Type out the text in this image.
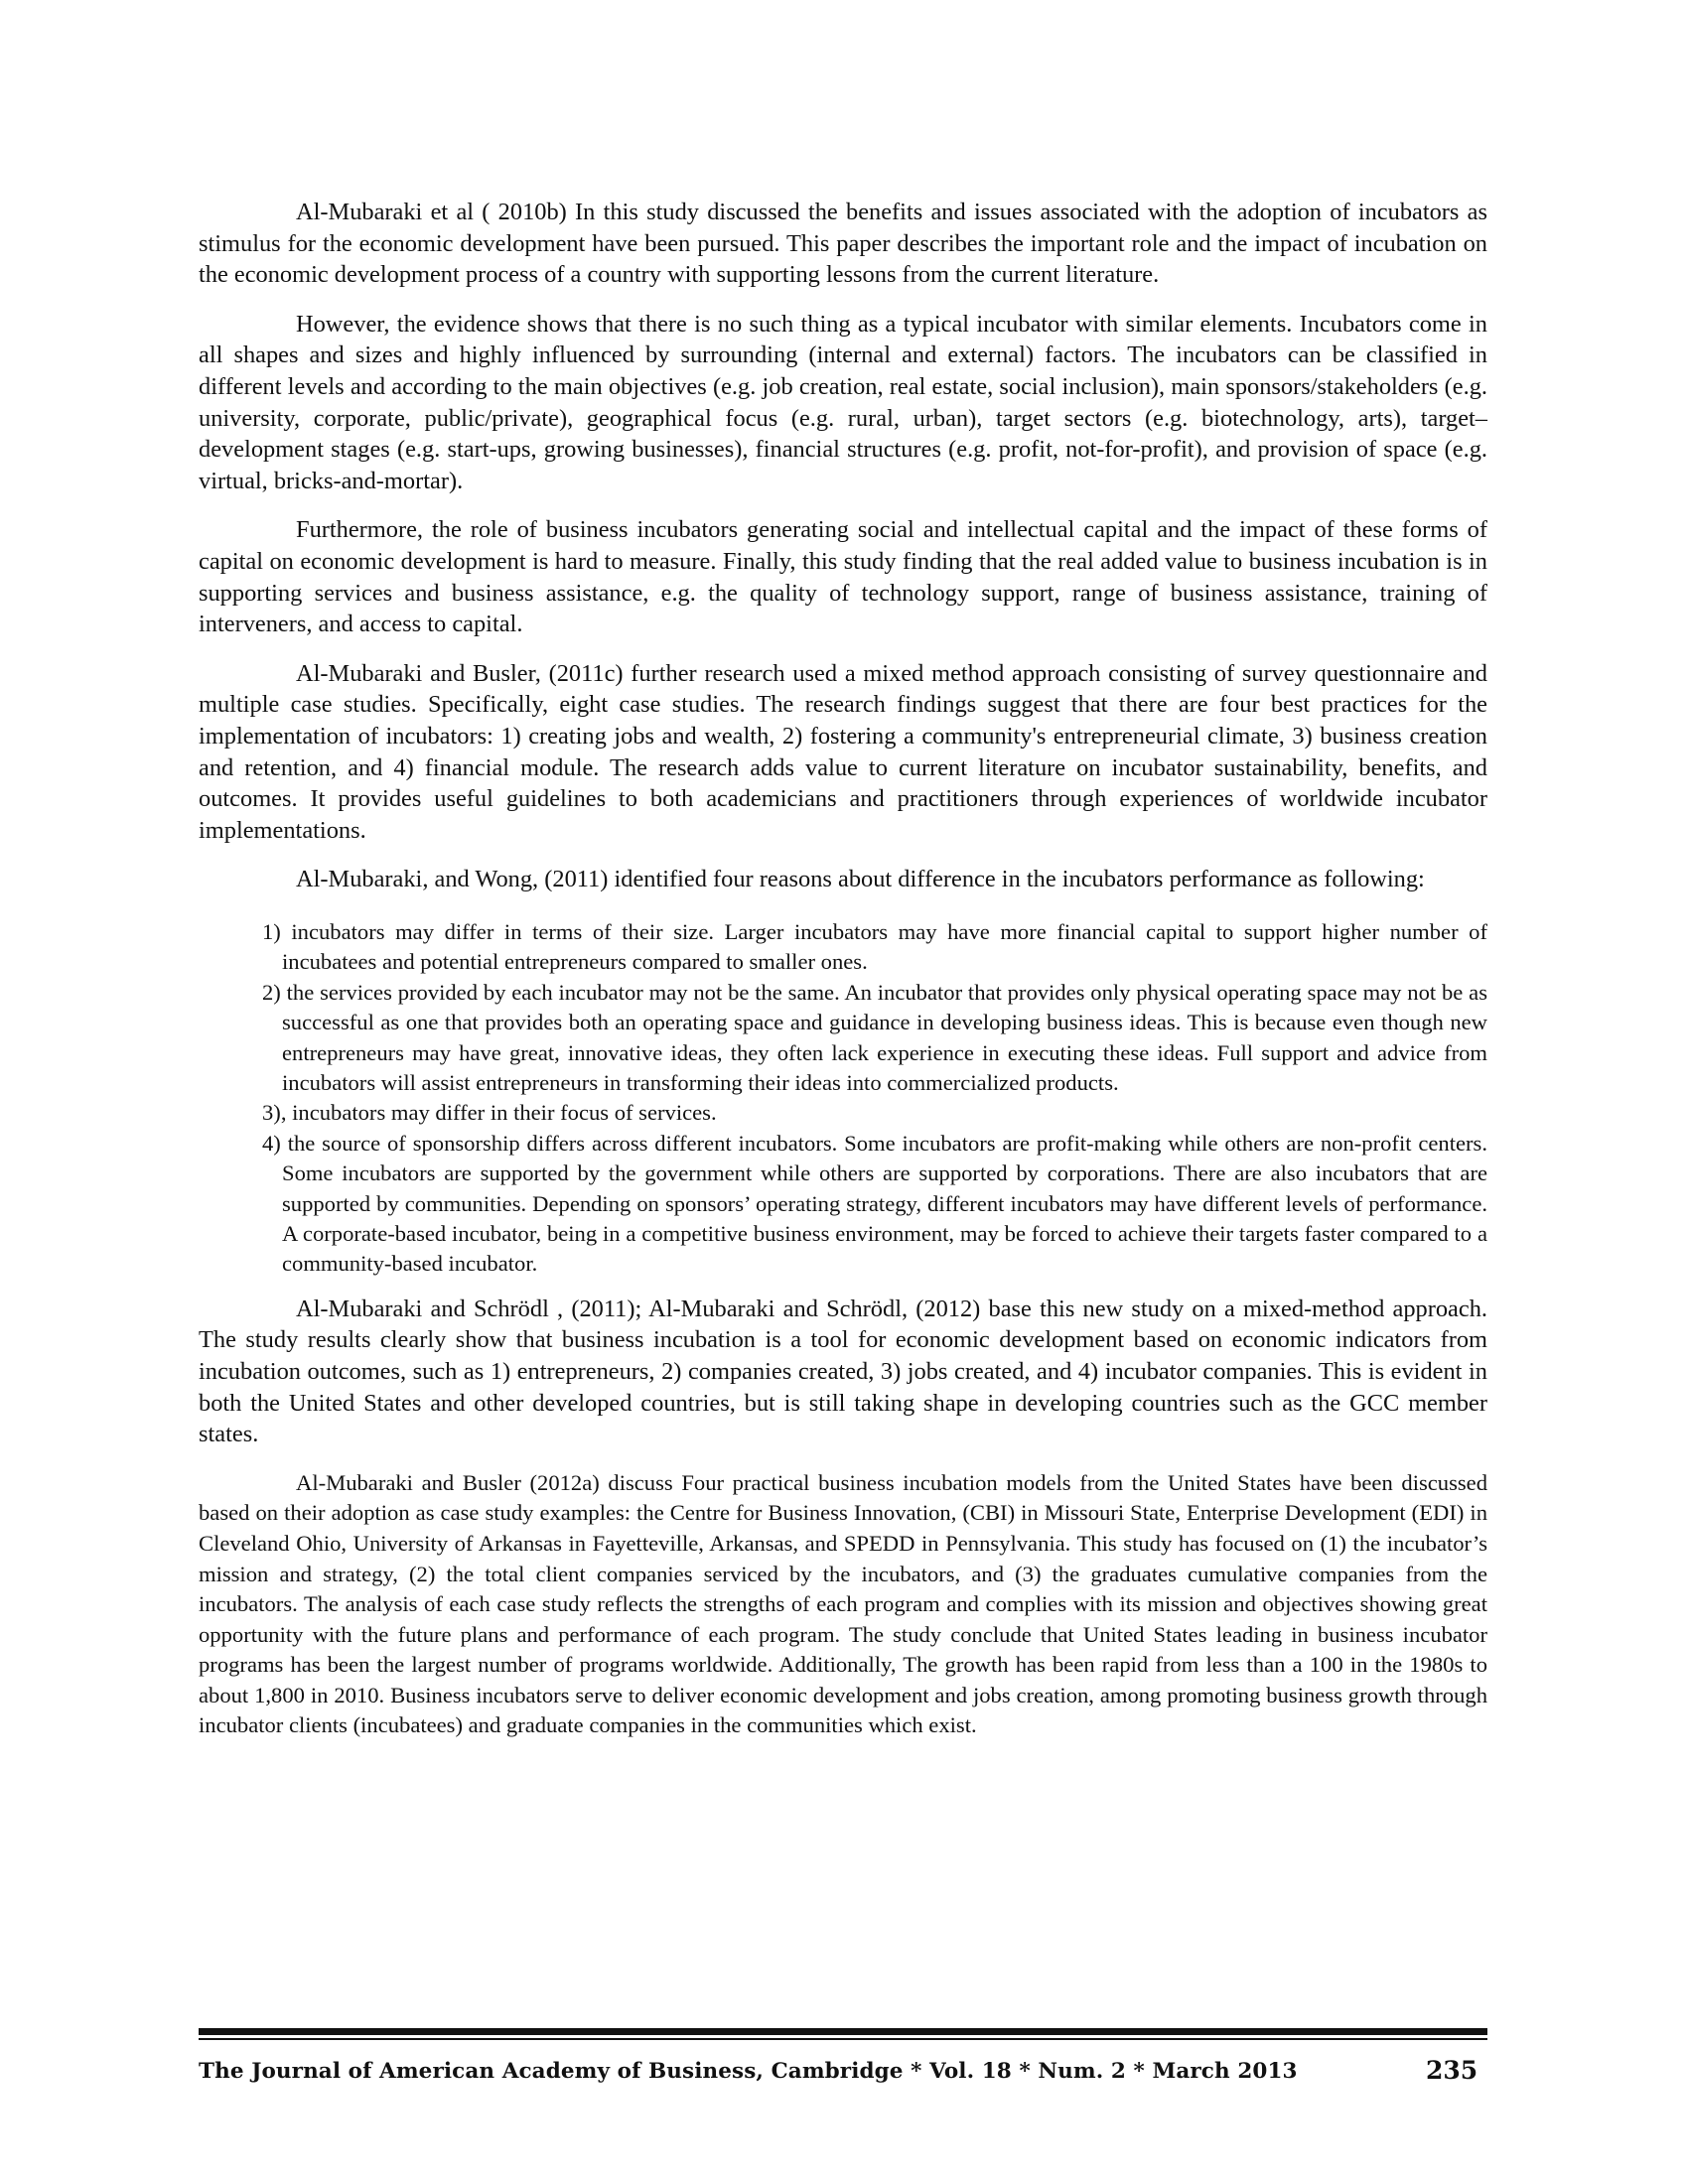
Al-Mubaraki et al ( 2010b) In this study discussed the benefits and issues associated with the adoption of incubators as stimulus for the economic development have been pursued. This paper describes the important role and the impact of incubation on the economic development process of a country with supporting lessons from the current literature.

However, the evidence shows that there is no such thing as a typical incubator with similar elements. Incubators come in all shapes and sizes and highly influenced by surrounding (internal and external) factors. The incubators can be classified in different levels and according to the main objectives (e.g. job creation, real estate, social inclusion), main sponsors/stakeholders (e.g. university, corporate, public/private), geographical focus (e.g. rural, urban), target sectors (e.g. biotechnology, arts), target–development stages (e.g. start-ups, growing businesses), financial structures (e.g. profit, not-for-profit), and provision of space (e.g. virtual, bricks-and-mortar).

Furthermore, the role of business incubators generating social and intellectual capital and the impact of these forms of capital on economic development is hard to measure. Finally, this study finding that the real added value to business incubation is in supporting services and business assistance, e.g. the quality of technology support, range of business assistance, training of interveners, and access to capital.

Al-Mubaraki and Busler, (2011c) further research used a mixed method approach consisting of survey questionnaire and multiple case studies. Specifically, eight case studies. The research findings suggest that there are four best practices for the implementation of incubators: 1) creating jobs and wealth, 2) fostering a community's entrepreneurial climate, 3) business creation and retention, and 4) financial module. The research adds value to current literature on incubator sustainability, benefits, and outcomes. It provides useful guidelines to both academicians and practitioners through experiences of worldwide incubator implementations.

Al-Mubaraki, and Wong, (2011) identified four reasons about difference in the incubators performance as following:

1) incubators may differ in terms of their size. Larger incubators may have more financial capital to support higher number of incubatees and potential entrepreneurs compared to smaller ones.
2) the services provided by each incubator may not be the same. An incubator that provides only physical operating space may not be as successful as one that provides both an operating space and guidance in developing business ideas. This is because even though new entrepreneurs may have great, innovative ideas, they often lack experience in executing these ideas. Full support and advice from incubators will assist entrepreneurs in transforming their ideas into commercialized products.
3), incubators may differ in their focus of services.
4) the source of sponsorship differs across different incubators. Some incubators are profit-making while others are non-profit centers. Some incubators are supported by the government while others are supported by corporations. There are also incubators that are supported by communities. Depending on sponsors’ operating strategy, different incubators may have different levels of performance. A corporate-based incubator, being in a competitive business environment, may be forced to achieve their targets faster compared to a community-based incubator.

Al-Mubaraki and Schrödl , (2011); Al-Mubaraki and Schrödl, (2012) base this new study on a mixed-method approach. The study results clearly show that business incubation is a tool for economic development based on economic indicators from incubation outcomes, such as 1) entrepreneurs, 2) companies created, 3) jobs created, and 4) incubator companies. This is evident in both the United States and other developed countries, but is still taking shape in developing countries such as the GCC member states.

Al-Mubaraki and Busler (2012a) discuss Four practical business incubation models from the United States have been discussed based on their adoption as case study examples: the Centre for Business Innovation, (CBI) in Missouri State, Enterprise Development (EDI) in Cleveland Ohio, University of Arkansas in Fayetteville, Arkansas, and SPEDD in Pennsylvania. This study has focused on (1) the incubator’s mission and strategy, (2) the total client companies serviced by the incubators, and (3) the graduates cumulative companies from the incubators. The analysis of each case study reflects the strengths of each program and complies with its mission and objectives showing great opportunity with the future plans and performance of each program. The study conclude that United States leading in business incubator programs has been the largest number of programs worldwide. Additionally, The growth has been rapid from less than a 100 in the 1980s to about 1,800 in 2010. Business incubators serve to deliver economic development and jobs creation, among promoting business growth through incubator clients (incubatees) and graduate companies in the communities which exist.

The Journal of American Academy of Business, Cambridge * Vol. 18 * Num. 2 * March 2013	235
